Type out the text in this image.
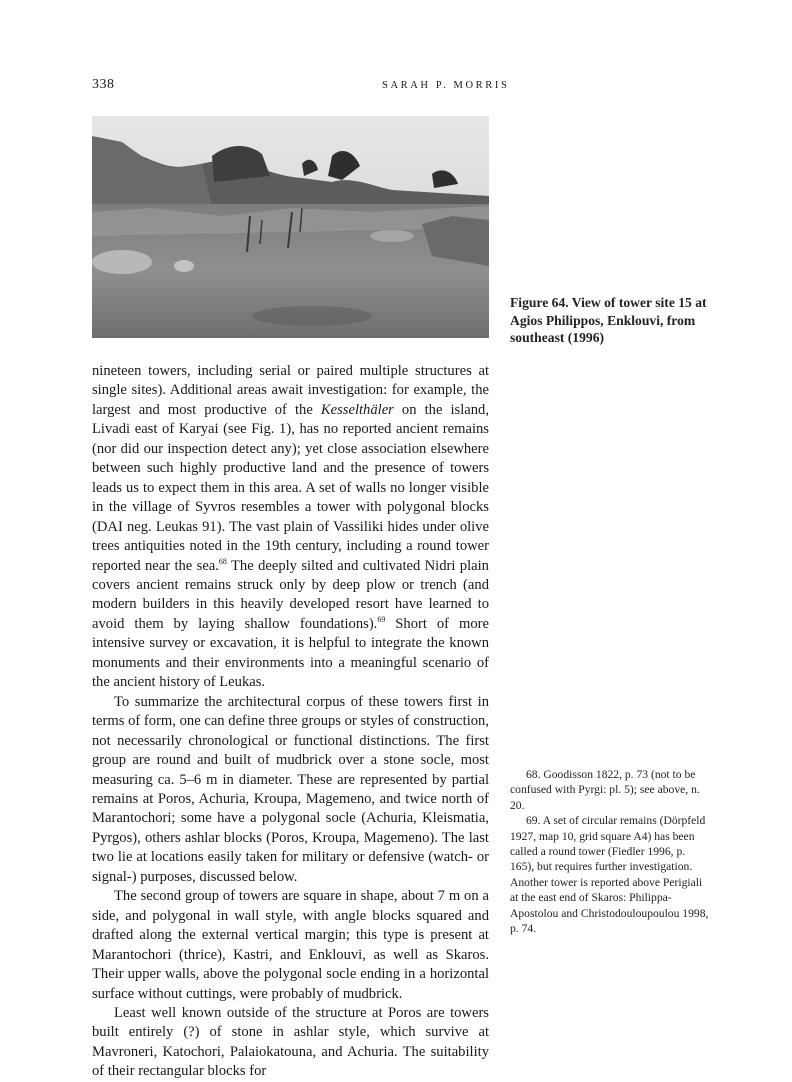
338	SARAH P. MORRIS
Figure 64. View of tower site 15 at
Agios Philippos, Enklouvi, from
southeast (1996)

nineteen towers, including serial or paired multiple structures at single sites). Additional areas await investigation: for example, the largest and most productive of the Kesselthäler on the island, Livadi east of Karyai (see Fig. 1), has no reported ancient remains (nor did our inspection detect any); yet close association elsewhere between such highly productive land and the presence of towers leads us to expect them in this area. A set of walls no longer visible in the village of Syvros resembles a tower with polygonal blocks (DAI neg. Leukas 91). The vast plain of Vassiliki hides under olive trees antiquities noted in the 19th century, including a round tower reported near the sea.$^{68}$ The deeply silted and cultivated Nidri plain covers ancient remains struck only by deep plow or trench (and modern builders in this heavily developed resort have learned to avoid them by laying shallow foundations).$^{69}$ Short of more intensive survey or excavation, it is helpful to integrate the known monuments and their environments into a meaningful scenario of the ancient history of Leukas.

To summarize the architectural corpus of these towers first in terms of form, one can define three groups or styles of construction, not necessarily chronological or functional distinctions. The first group are round and built of mudbrick over a stone socle, most measuring ca. 5–6 m in diameter. These are represented by partial remains at Poros, Achuria, Kroupa, Magemeno, and twice north of Marantochori; some have a polygonal socle (Achuria, Kleismatia, Pyrgos), others ashlar blocks (Poros, Kroupa, Magemeno). The last two lie at locations easily taken for military or defensive (watch- or signal-) purposes, discussed below.

The second group of towers are square in shape, about 7 m on a side, and polygonal in wall style, with angle blocks squared and drafted along the external vertical margin; this type is present at Marantochori (thrice), Kastri, and Enklouvi, as well as Skaros. Their upper walls, above the polygonal socle ending in a horizontal surface without cuttings, were probably of mudbrick.

Least well known outside of the structure at Poros are towers built entirely (?) of stone in ashlar style, which survive at Mavroneri, Katochori, Palaiokatouna, and Achuria. The suitability of their rectangular blocks for

68. Goodisson 1822, p. 73 (not to be confused with Pyrgi: pl. 5); see above, n. 20.

69. A set of circular remains (Dörpfeld 1927, map 10, grid square A4) has been called a round tower (Fiedler 1996, p. 165), but requires further investigation. Another tower is reported above Perigiali at the east end of Skaros: Philippa-Apostolou and Christodouloupoulou 1998, p. 74.
